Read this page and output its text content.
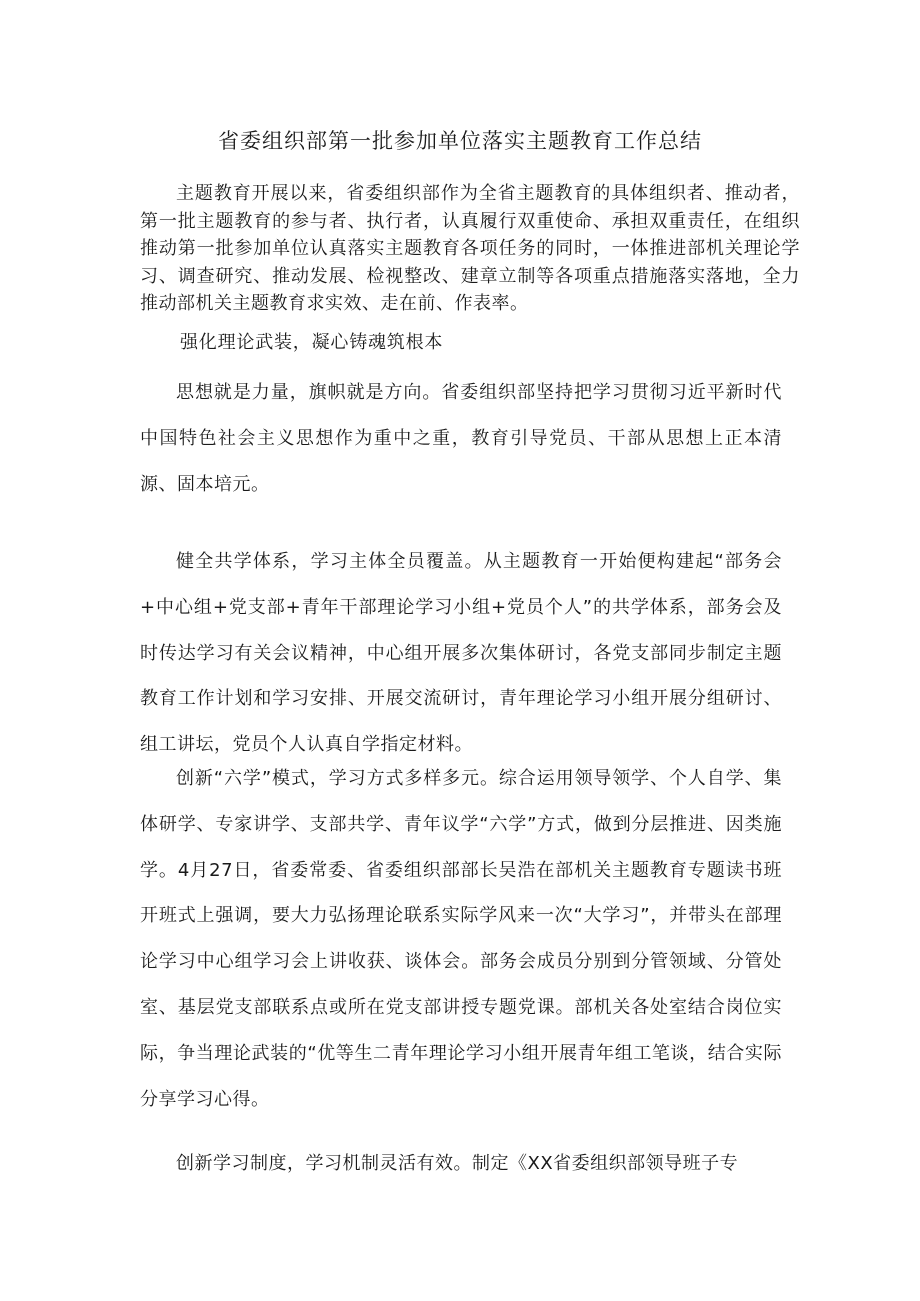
省委组织部第一批参加单位落实主题教育工作总结

主题教育开展以来，省委组织部作为全省主题教育的具体组织者、推动者，第一批主题教育的参与者、执行者，认真履行双重使命、承担双重责任，在组织推动第一批参加单位认真落实主题教育各项任务的同时，一体推进部机关理论学习、调查研究、推动发展、检视整改、建章立制等各项重点措施落实落地，全力推动部机关主题教育求实效、走在前、作表率。

强化理论武装，凝心铸魂筑根本

思想就是力量，旗帜就是方向。省委组织部坚持把学习贯彻习近平新时代中国特色社会主义思想作为重中之重，教育引导党员、干部从思想上正本清源、固本培元。

健全共学体系，学习主体全员覆盖。从主题教育一开始便构建起“部务会+中心组+党支部+青年干部理论学习小组+党员个人”的共学体系，部务会及时传达学习有关会议精神，中心组开展多次集体研讨，各党支部同步制定主题教育工作计划和学习安排、开展交流研讨，青年理论学习小组开展分组研讨、组工讲坛，党员个人认真自学指定材料。

创新“六学”模式，学习方式多样多元。综合运用领导领学、个人自学、集体研学、专家讲学、支部共学、青年议学“六学”方式，做到分层推进、因类施学。4月27日，省委常委、省委组织部部长吴浩在部机关主题教育专题读书班开班式上强调，要大力弘扬理论联系实际学风来一次“大学习”，并带头在部理论学习中心组学习会上讲收获、谈体会。部务会成员分别到分管领域、分管处室、基层党支部联系点或所在党支部讲授专题党课。部机关各处室结合岗位实际，争当理论武装的“优等生二青年理论学习小组开展青年组工笔谈，结合实际分享学习心得。

创新学习制度，学习机制灵活有效。制定《XX省委组织部领导班子专
